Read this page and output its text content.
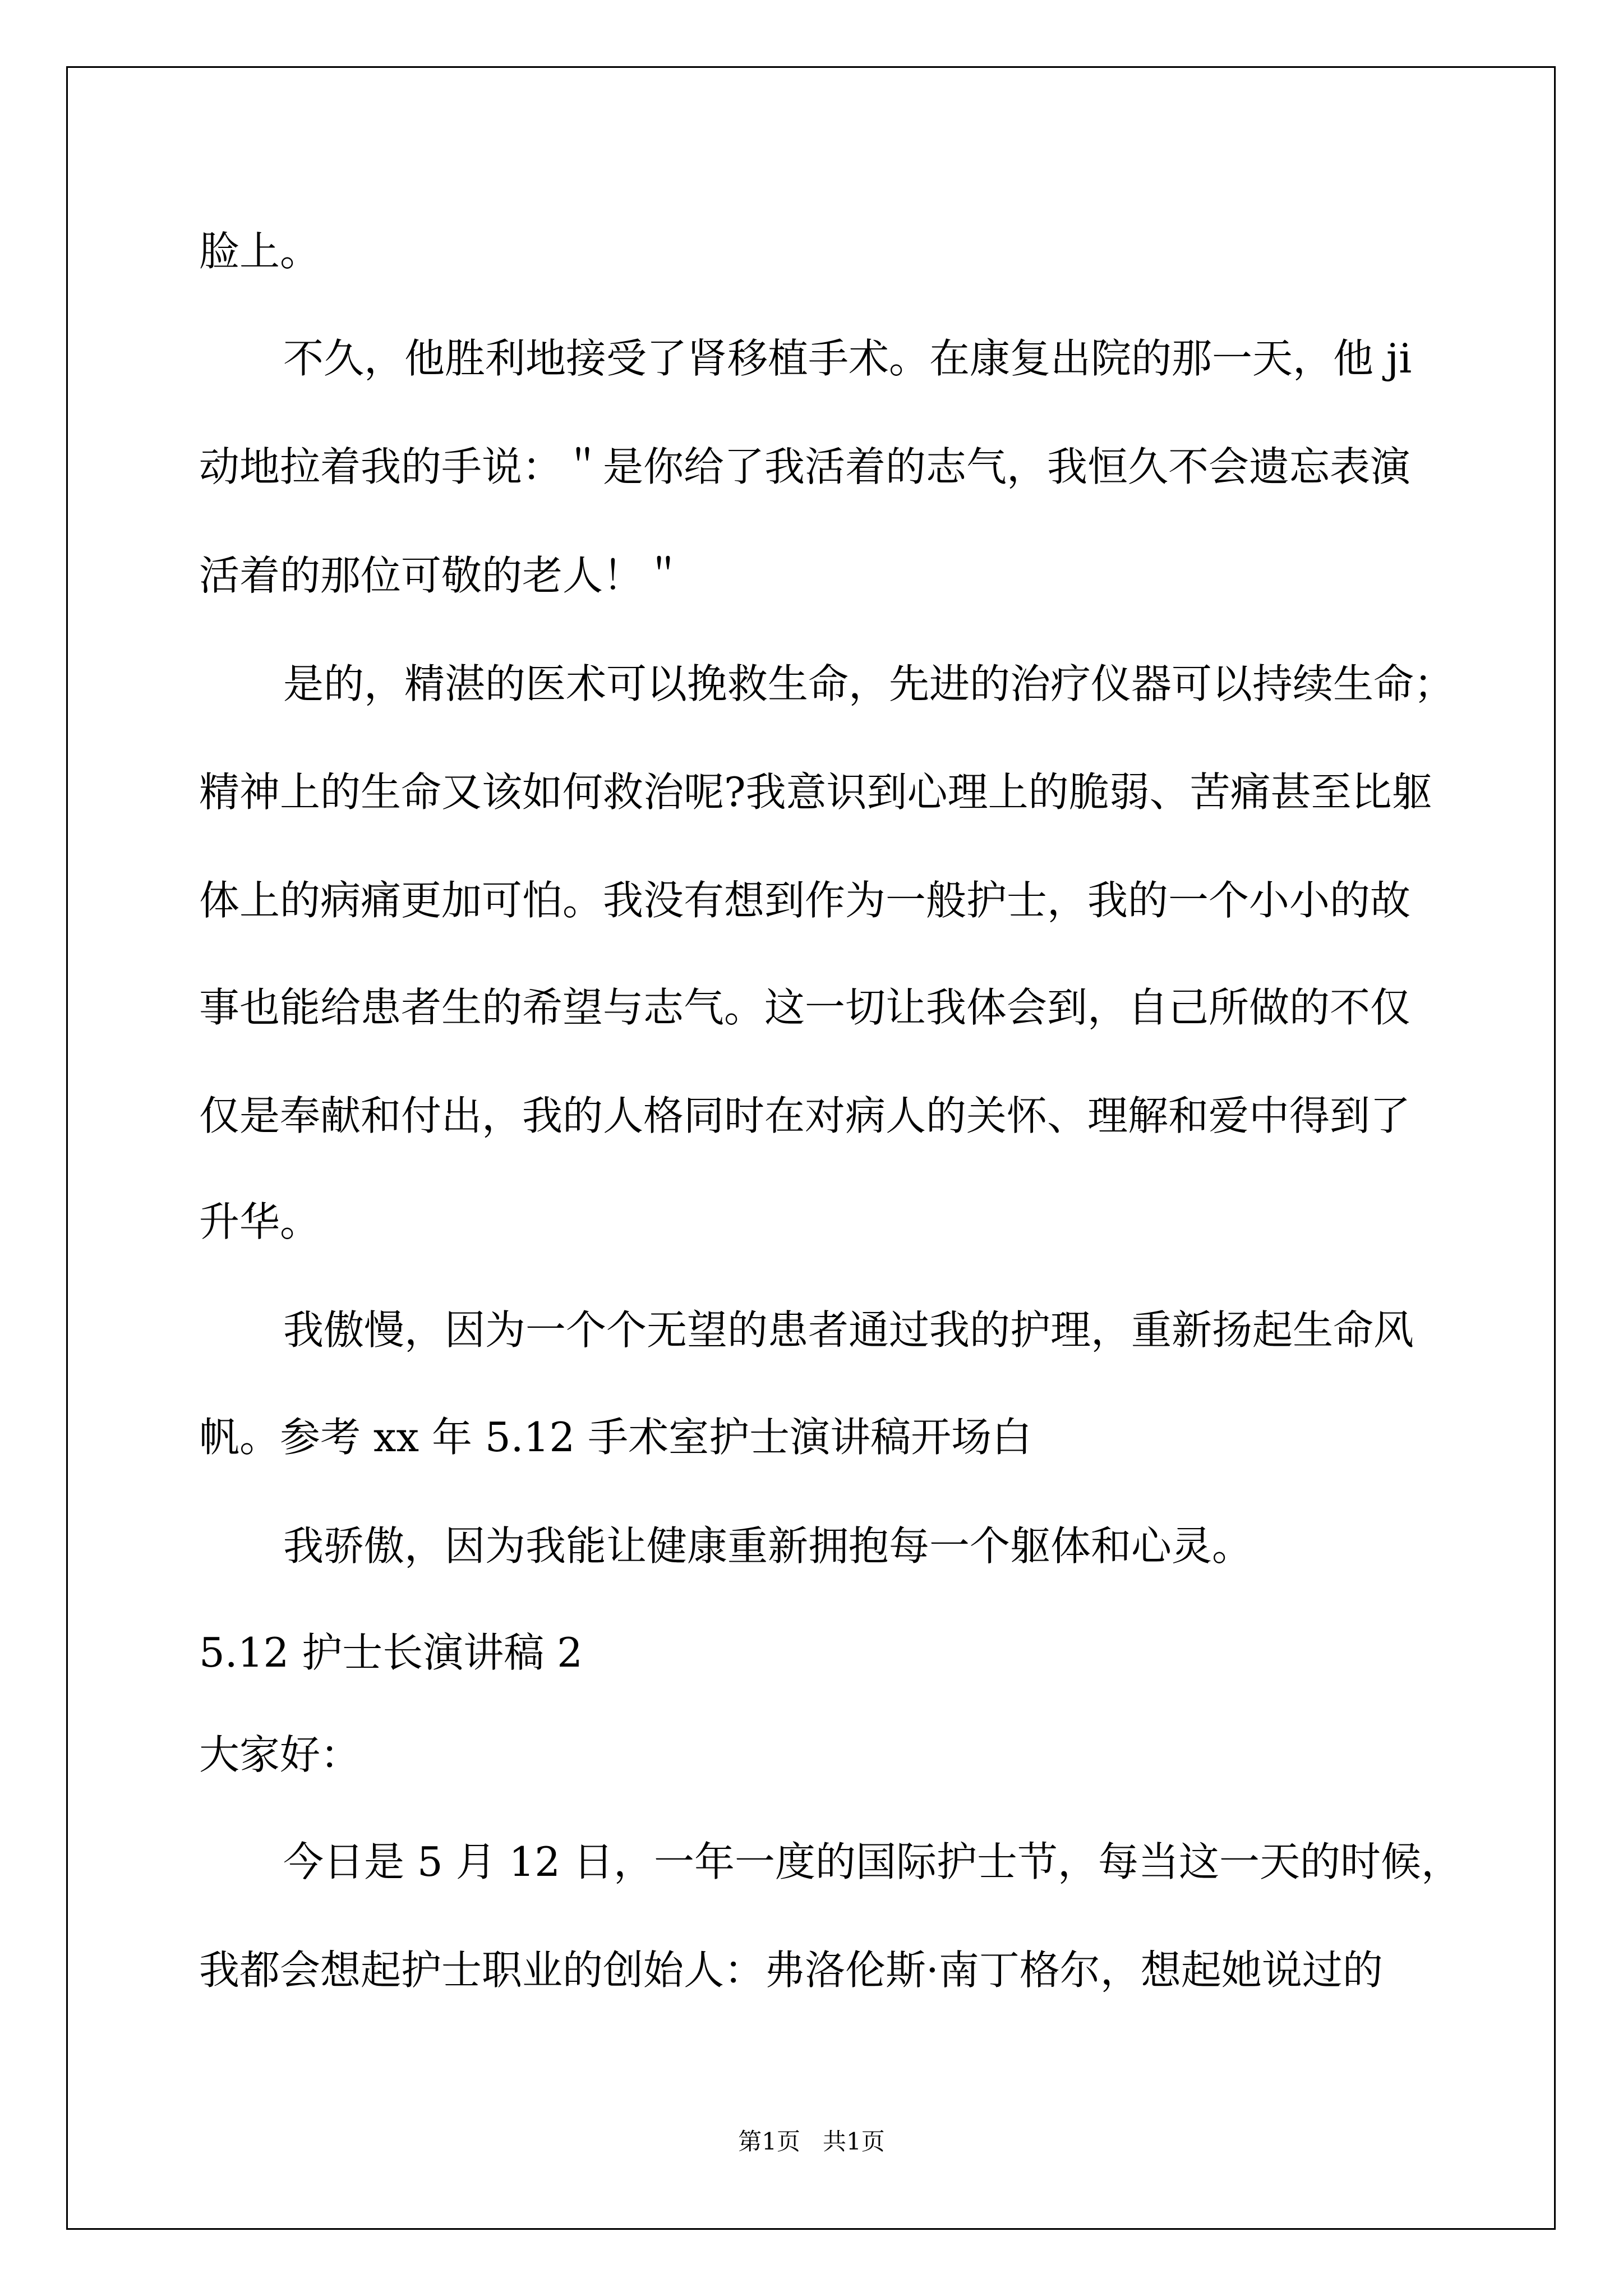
脸上。
不久，他胜利地接受了肾移植手术。在康复出院的那一天，他 ji
动地拉着我的手说：＂是你给了我活着的志气，我恒久不会遗忘表演
活着的那位可敬的老人！＂
是的，精湛的医术可以挽救生命，先进的治疗仪器可以持续生命；
精神上的生命又该如何救治呢?我意识到心理上的脆弱、苦痛甚至比躯
体上的病痛更加可怕。我没有想到作为一般护士，我的一个小小的故
事也能给患者生的希望与志气。这一切让我体会到，自己所做的不仅
仅是奉献和付出，我的人格同时在对病人的关怀、理解和爱中得到了
升华。
我傲慢，因为一个个无望的患者通过我的护理，重新扬起生命风
帆。参考 xx 年 5.12 手术室护士演讲稿开场白
我骄傲，因为我能让健康重新拥抱每一个躯体和心灵。
5.12 护士长演讲稿 2
大家好：
今日是 5 月 12 日，一年一度的国际护士节，每当这一天的时候，
我都会想起护士职业的创始人：弗洛伦斯·南丁格尔，想起她说过的
第1页   共1页
